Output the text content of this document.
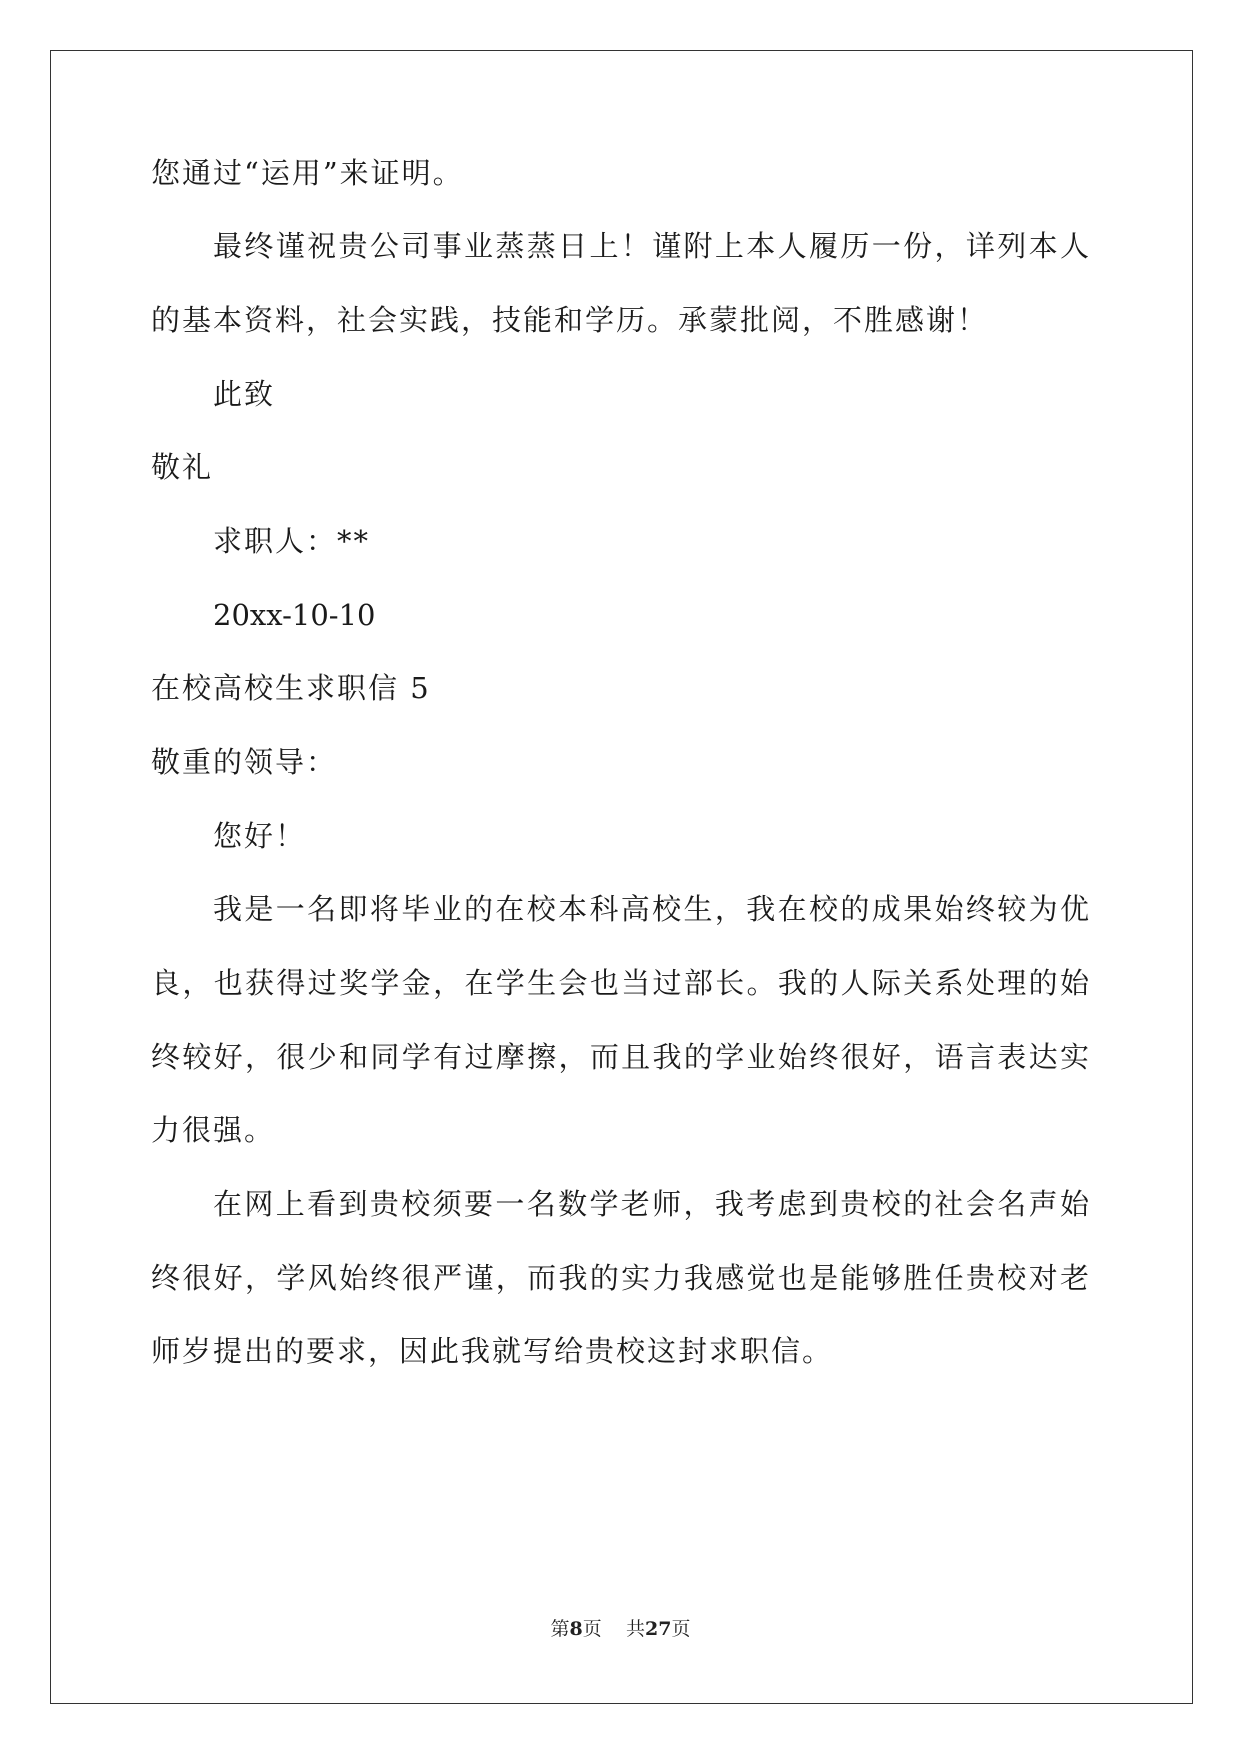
您通过“运用”来证明。
最终谨祝贵公司事业蒸蒸日上！谨附上本人履历一份，详列本人
的基本资料，社会实践，技能和学历。承蒙批阅，不胜感谢！
此致
敬礼
求职人：**
20xx-10-10
在校高校生求职信 5
敬重的领导：
您好！
我是一名即将毕业的在校本科高校生，我在校的成果始终较为优
良，也获得过奖学金，在学生会也当过部长。我的人际关系处理的始
终较好，很少和同学有过摩擦，而且我的学业始终很好，语言表达实
力很强。
在网上看到贵校须要一名数学老师，我考虑到贵校的社会名声始
终很好，学风始终很严谨，而我的实力我感觉也是能够胜任贵校对老
师岁提出的要求，因此我就写给贵校这封求职信。
第8页 共27页
